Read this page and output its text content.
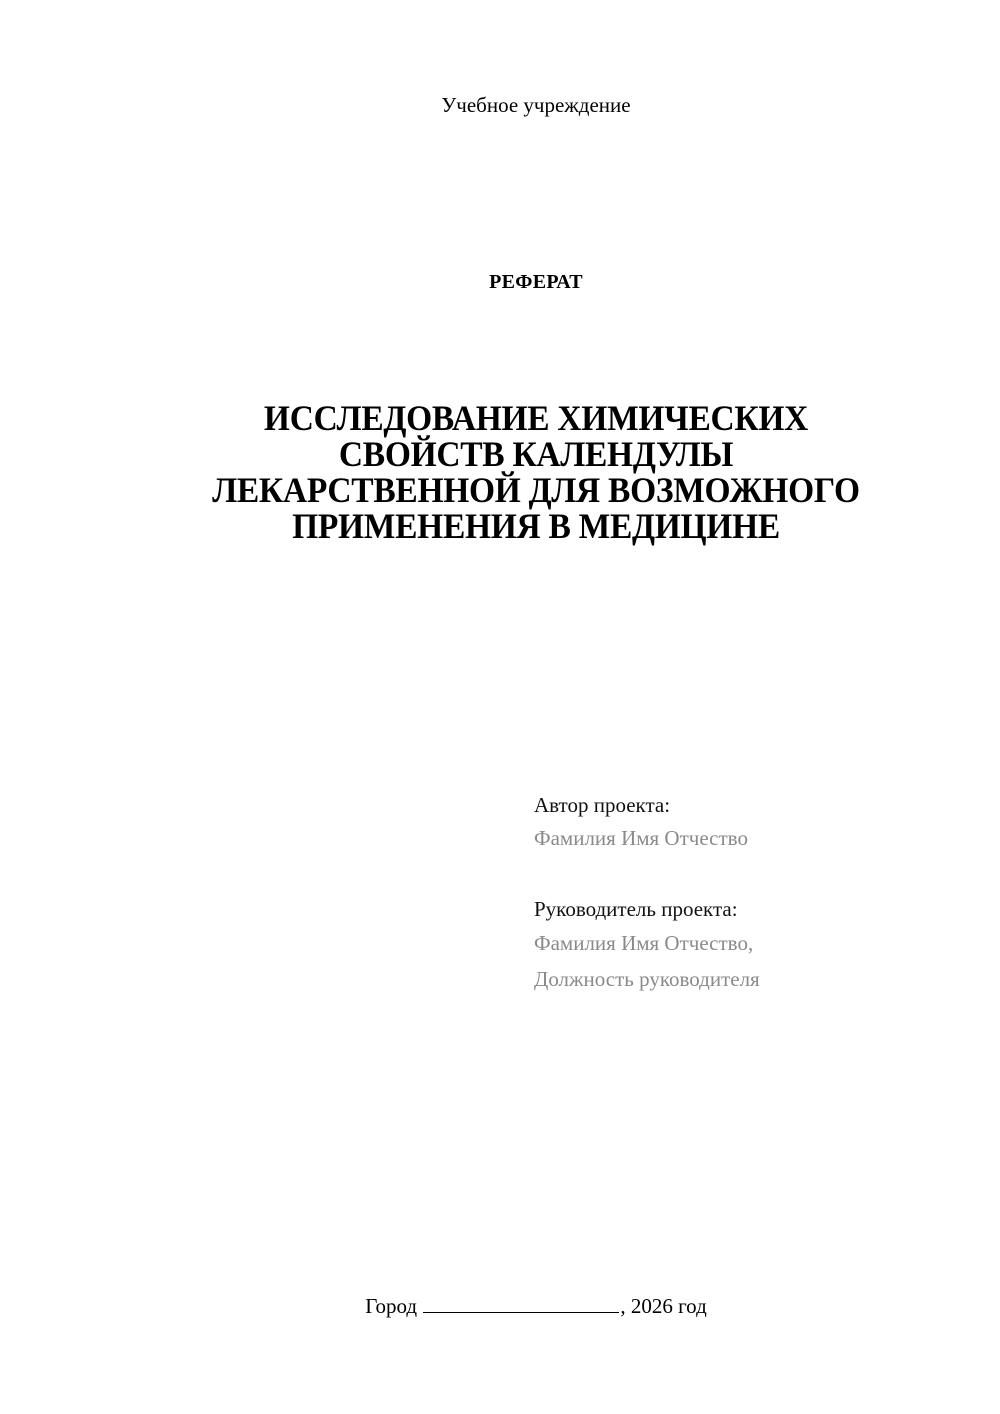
Учебное учреждение
РЕФЕРАТ
ИССЛЕДОВАНИЕ ХИМИЧЕСКИХ
СВОЙСТВ КАЛЕНДУЛЫ
ЛЕКАРСТВЕННОЙ ДЛЯ ВОЗМОЖНОГО
ПРИМЕНЕНИЯ В МЕДИЦИНЕ
Автор проекта:
Фамилия Имя Отчество
Руководитель проекта:
Фамилия Имя Отчество,
Должность руководителя
Город	, 2026 год
